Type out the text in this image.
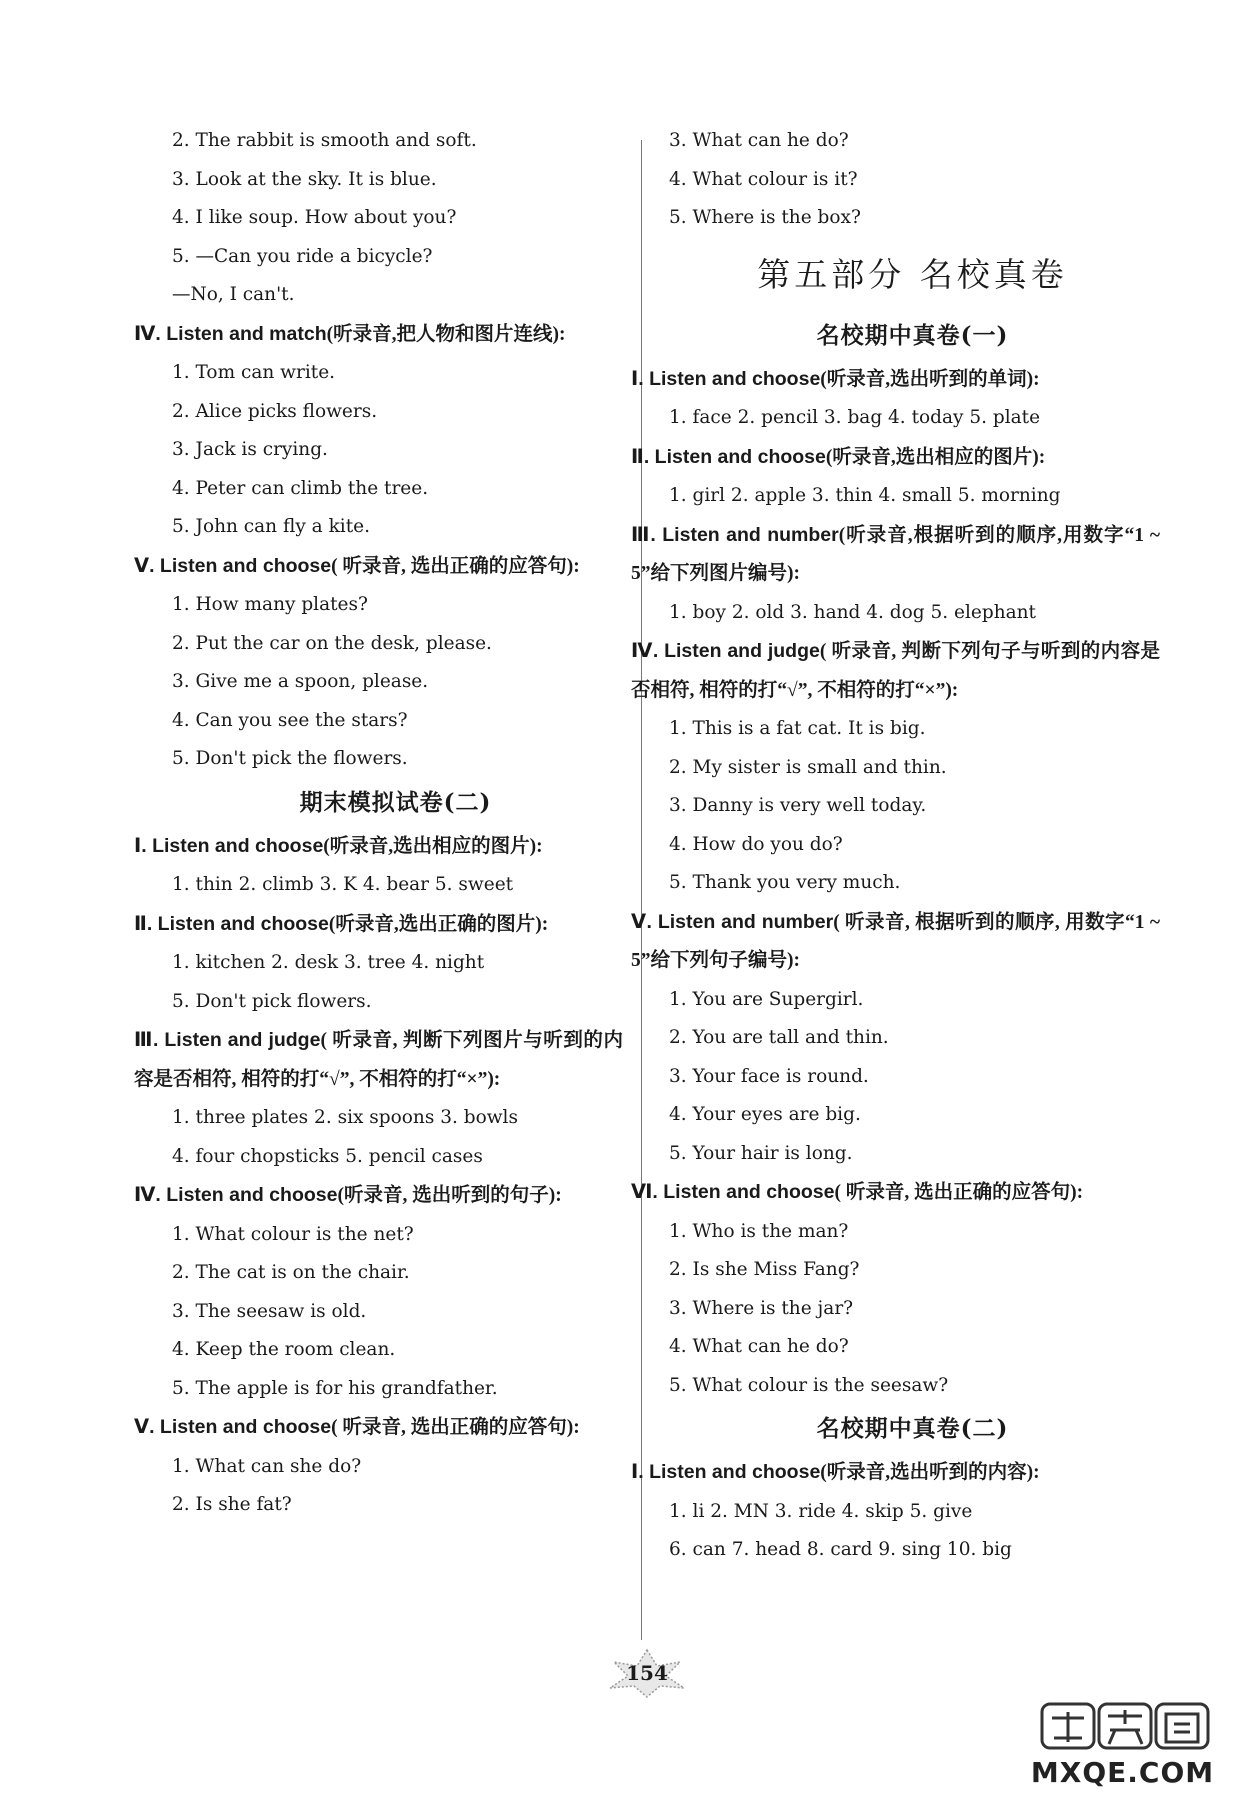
2. The rabbit is smooth and soft.
3. Look at the sky. It is blue.
4. I like soup. How about you?
5. —Can you ride a bicycle?
—No, I can't.
Ⅳ. Listen and match(听录音,把人物和图片连线):
1. Tom can write.
2. Alice picks flowers.
3. Jack is crying.
4. Peter can climb the tree.
5. John can fly a kite.
Ⅴ. Listen and choose( 听录音, 选出正确的应答句):
1. How many plates?
2. Put the car on the desk, please.
3. Give me a spoon, please.
4. Can you see the stars?
5. Don't pick the flowers.
期末模拟试卷(二)
Ⅰ. Listen and choose(听录音,选出相应的图片):
1. thin 2. climb 3. K 4. bear 5. sweet
Ⅱ. Listen and choose(听录音,选出正确的图片):
1. kitchen 2. desk 3. tree 4. night
5. Don't pick flowers.
Ⅲ. Listen and judge( 听录音, 判断下列图片与听到的内容是否相符, 相符的打“√”, 不相符的打“×”):
1. three plates 2. six spoons 3. bowls
4. four chopsticks 5. pencil cases
Ⅳ. Listen and choose(听录音, 选出听到的句子):
1. What colour is the net?
2. The cat is on the chair.
3. The seesaw is old.
4. Keep the room clean.
5. The apple is for his grandfather.
Ⅴ. Listen and choose( 听录音, 选出正确的应答句):
1. What can she do?
2. Is she fat?
3. What can he do?
4. What colour is it?
5. Where is the box?
第五部分 名校真卷
名校期中真卷(一)
Ⅰ. Listen and choose(听录音,选出听到的单词):
1. face 2. pencil 3. bag 4. today 5. plate
Ⅱ. Listen and choose(听录音,选出相应的图片):
1. girl 2. apple 3. thin 4. small 5. morning
Ⅲ. Listen and number(听录音,根据听到的顺序,用数字“1 ~ 5”给下列图片编号):
1. boy 2. old 3. hand 4. dog 5. elephant
Ⅳ. Listen and judge( 听录音, 判断下列句子与听到的内容是否相符, 相符的打“√”, 不相符的打“×”):
1. This is a fat cat. It is big.
2. My sister is small and thin.
3. Danny is very well today.
4. How do you do?
5. Thank you very much.
Ⅴ. Listen and number( 听录音, 根据听到的顺序, 用数字“1 ~ 5”给下列句子编号):
1. You are Supergirl.
2. You are tall and thin.
3. Your face is round.
4. Your eyes are big.
5. Your hair is long.
Ⅵ. Listen and choose( 听录音, 选出正确的应答句):
1. Who is the man?
2. Is she Miss Fang?
3. Where is the jar?
4. What can he do?
5. What colour is the seesaw?
名校期中真卷(二)
Ⅰ. Listen and choose(听录音,选出听到的内容):
1. li 2. MN 3. ride 4. skip 5. give
6. can 7. head 8. card 9. sing 10. big
154
MXQE.COM
